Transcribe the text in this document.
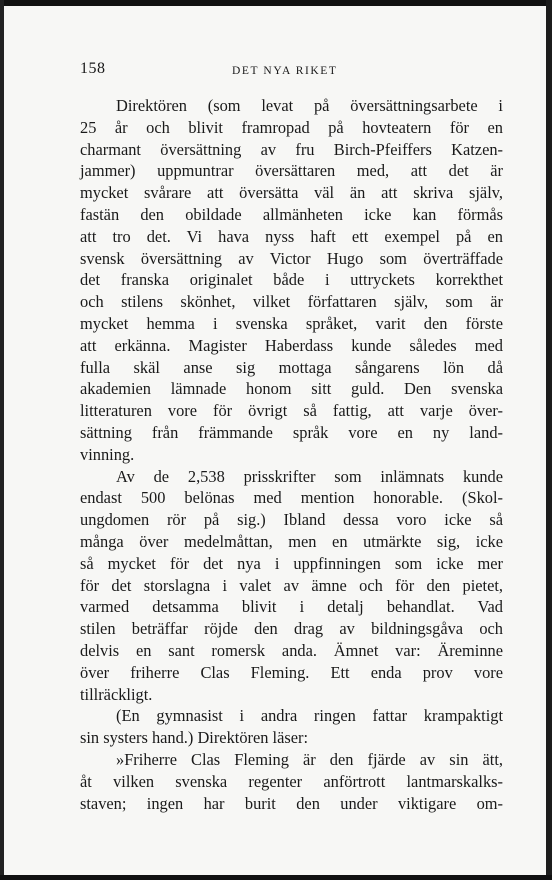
158	DET NYA RIKET
Direktören (som levat på översättningsarbete i
25 år och blivit framropad på hovteatern för en
charmant översättning av fru Birch-Pfeiffers Katzen-
jammer) uppmuntrar översättaren med, att det är
mycket svårare att översätta väl än att skriva själv,
fastän den obildade allmänheten icke kan förmås
att tro det. Vi hava nyss haft ett exempel på en
svensk översättning av Victor Hugo som överträffade
det franska originalet både i uttryckets korrekthet
och stilens skönhet, vilket författaren själv, som är
mycket hemma i svenska språket, varit den förste
att erkänna. Magister Haberdass kunde således med
fulla skäl anse sig mottaga sångarens lön då
akademien lämnade honom sitt guld. Den svenska
litteraturen vore för övrigt så fattig, att varje över-
sättning från främmande språk vore en ny land-
vinning.
Av de 2,538 prisskrifter som inlämnats kunde
endast 500 belönas med mention honorable. (Skol-
ungdomen rör på sig.) Ibland dessa voro icke så
många över medelmåttan, men en utmärkte sig, icke
så mycket för det nya i uppfinningen som icke mer
för det storslagna i valet av ämne och för den pietet,
varmed detsamma blivit i detalj behandlat. Vad
stilen beträffar röjde den drag av bildningsgåva och
delvis en sant romersk anda. Ämnet var: Äreminne
över friherre Clas Fleming. Ett enda prov vore
tillräckligt.
(En gymnasist i andra ringen fattar krampaktigt
sin systers hand.) Direktören läser:
»Friherre Clas Fleming är den fjärde av sin ätt,
åt vilken svenska regenter anförtrott lantmarskalks-
staven; ingen har burit den under viktigare om-
